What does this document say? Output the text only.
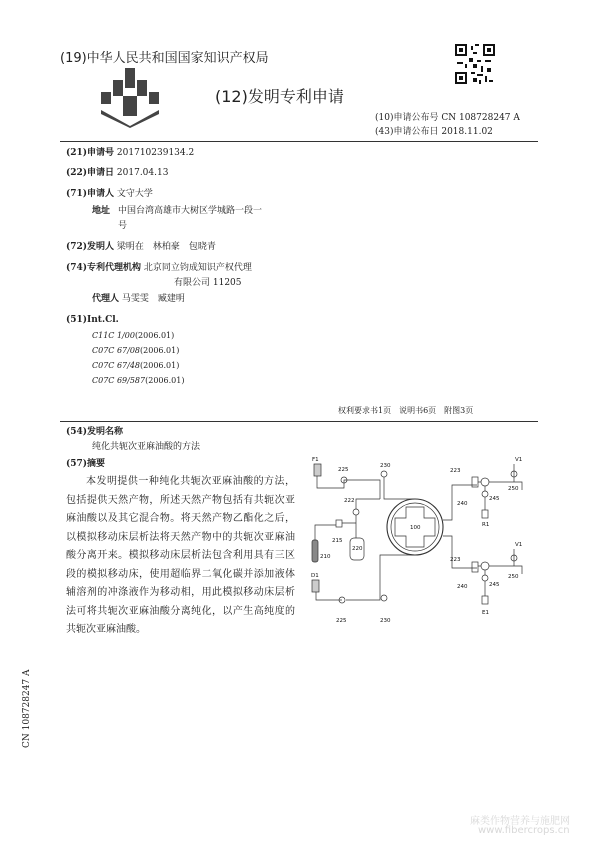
(19)中华人民共和国国家知识产权局
(12)发明专利申请
(10)申请公布号 CN 108728247 A
(43)申请公布日 2018.11.02
(21)申请号 201710239134.2
(22)申请日 2017.04.13
(71)申请人 文守大学
地址 中国台湾高雄市大树区学城路一段一
号
(72)发明人 梁明在　林柏豪　包晓青
(74)专利代理机构 北京同立钧成知识产权代理
有限公司 11205
代理人 马雯雯　臧建明
(51)Int.Cl.
C11C 1/00(2006.01)
C07C 67/08(2006.01)
C07C 67/48(2006.01)
C07C 69/587(2006.01)
权利要求书1页　说明书6页　附图3页
(54)发明名称
纯化共轭次亚麻油酸的方法
(57)摘要

本发明提供一种纯化共轭次亚麻油酸的方法，包括提供天然产物，所述天然产物包括有共轭次亚麻油酸以及其它混合物。将天然产物乙酯化之后，以模拟移动床层析法将天然产物中的共轭次亚麻油酸分离开来。模拟移动床层析法包含利用具有三区段的模拟移动床，使用超临界二氧化碳并添加液体辅溶剂的冲涤液作为移动相，用此模拟移动床层析法可将共轭次亚麻油酸分离纯化，以产生高纯度的共轭次亚麻油酸。

100
F1
225
230
210
215
220
222
D1
225	230
223
240
245
V1
250
R1
223
240	245
V1
250
E1
CN 108728247 A
麻类作物营养与施肥网
www.fibercrops.cn
